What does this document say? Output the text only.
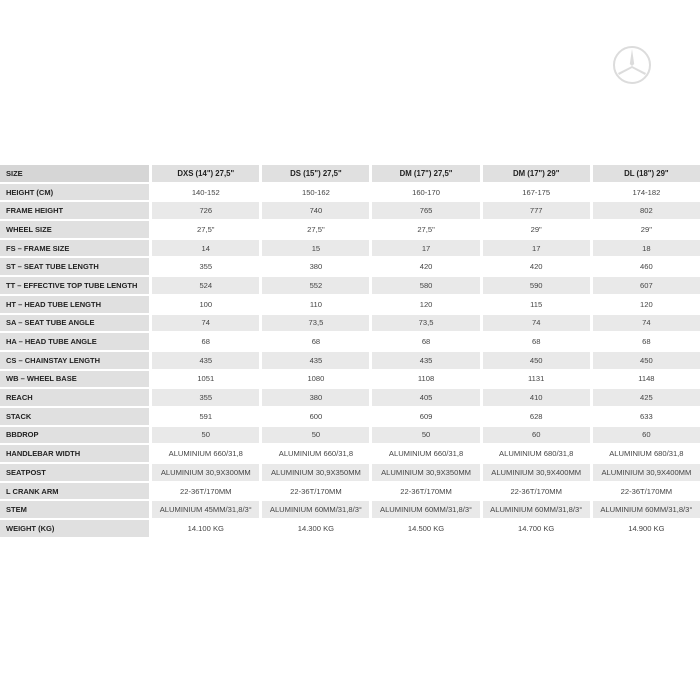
SIZE		DXS (14") 27,5"		DS (15") 27,5"		DM (17") 27,5"		DM (17") 29"		DL (18") 29"
HEIGHT (CM)		140-152		150-162		160-170		167-175		174-182
FRAME HEIGHT		726		740		765		777		802
WHEEL SIZE		27,5"		27,5"		27,5"		29"		29"
FS – FRAME SIZE		14		15		17		17		18
ST – SEAT TUBE LENGTH		355		380		420		420		460
TT – EFFECTIVE TOP TUBE LENGTH		524		552		580		590		607
HT – HEAD TUBE LENGTH		100		110		120		115		120
SA – SEAT TUBE ANGLE		74		73,5		73,5		74		74
HA – HEAD TUBE ANGLE		68		68		68		68		68
CS – CHAINSTAY LENGTH		435		435		435		450		450
WB – WHEEL BASE		1051		1080		1108		1131		1148
REACH		355		380		405		410		425
STACK		591		600		609		628		633
BBDROP		50		50		50		60		60
HANDLEBAR WIDTH		ALUMINIUM 660/31,8		ALUMINIUM 660/31,8		ALUMINIUM 660/31,8		ALUMINIUM 680/31,8		ALUMINIUM 680/31,8
SEATPOST		ALUMINIUM 30,9X300MM		ALUMINIUM 30,9X350MM		ALUMINIUM 30,9X350MM		ALUMINIUM 30,9X400MM		ALUMINIUM 30,9X400MM
L CRANK ARM		22-36T/170MM		22-36T/170MM		22-36T/170MM		22-36T/170MM		22-36T/170MM
STEM		ALUMINIUM 45MM/31,8/3°		ALUMINIUM 60MM/31,8/3°		ALUMINIUM 60MM/31,8/3°		ALUMINIUM 60MM/31,8/3°		ALUMINIUM 60MM/31,8/3°
WEIGHT (KG)		14.100 KG		14.300 KG		14.500 KG		14.700 KG		14.900 KG
